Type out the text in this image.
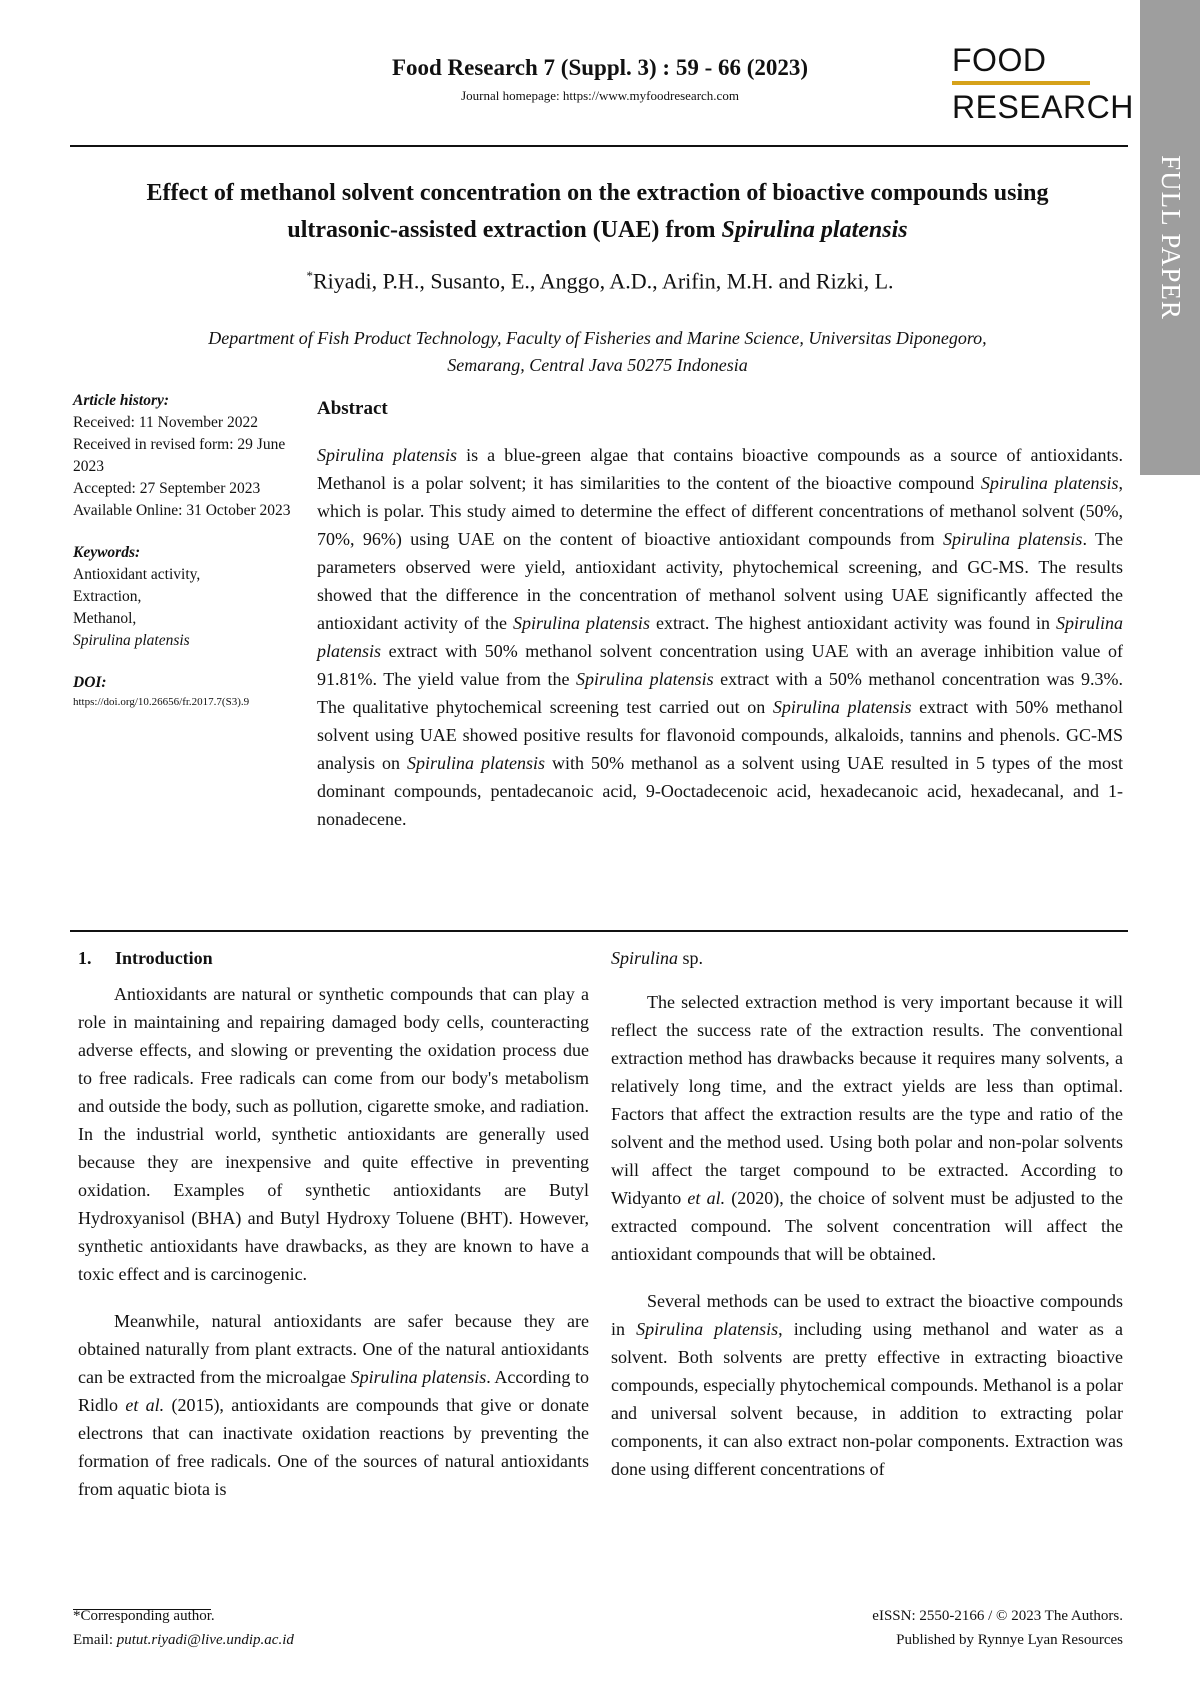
Food Research 7 (Suppl. 3) : 59 - 66 (2023)
Journal homepage: https://www.myfoodresearch.com
FOOD
RESEARCH
FULL PAPER
Effect of methanol solvent concentration on the extraction of bioactive compounds using ultrasonic-assisted extraction (UAE) from Spirulina platensis
*Riyadi, P.H., Susanto, E., Anggo, A.D., Arifin, M.H. and Rizki, L.
Department of Fish Product Technology, Faculty of Fisheries and Marine Science, Universitas Diponegoro,
Semarang, Central Java 50275 Indonesia
Article history:
Received: 11 November 2022
Received in revised form: 29 June 2023
Accepted: 27 September 2023
Available Online: 31 October 2023
Keywords:
Antioxidant activity,
Extraction,
Methanol,
Spirulina platensis
DOI:
https://doi.org/10.26656/fr.2017.7(S3).9
Abstract
Spirulina platensis is a blue-green algae that contains bioactive compounds as a source of antioxidants. Methanol is a polar solvent; it has similarities to the content of the bioactive compound Spirulina platensis, which is polar. This study aimed to determine the effect of different concentrations of methanol solvent (50%, 70%, 96%) using UAE on the content of bioactive antioxidant compounds from Spirulina platensis. The parameters observed were yield, antioxidant activity, phytochemical screening, and GC-MS. The results showed that the difference in the concentration of methanol solvent using UAE significantly affected the antioxidant activity of the Spirulina platensis extract. The highest antioxidant activity was found in Spirulina platensis extract with 50% methanol solvent concentration using UAE with an average inhibition value of 91.81%. The yield value from the Spirulina platensis extract with a 50% methanol concentration was 9.3%. The qualitative phytochemical screening test carried out on Spirulina platensis extract with 50% methanol solvent using UAE showed positive results for flavonoid compounds, alkaloids, tannins and phenols. GC-MS analysis on Spirulina platensis with 50% methanol as a solvent using UAE resulted in 5 types of the most dominant compounds, pentadecanoic acid, 9-Ooctadecenoic acid, hexadecanoic acid, hexadecanal, and 1-nonadecene.
1. Introduction

Antioxidants are natural or synthetic compounds that can play a role in maintaining and repairing damaged body cells, counteracting adverse effects, and slowing or preventing the oxidation process due to free radicals. Free radicals can come from our body's metabolism and outside the body, such as pollution, cigarette smoke, and radiation. In the industrial world, synthetic antioxidants are generally used because they are inexpensive and quite effective in preventing oxidation. Examples of synthetic antioxidants are Butyl Hydroxyanisol (BHA) and Butyl Hydroxy Toluene (BHT). However, synthetic antioxidants have drawbacks, as they are known to have a toxic effect and is carcinogenic.

Meanwhile, natural antioxidants are safer because they are obtained naturally from plant extracts. One of the natural antioxidants can be extracted from the microalgae Spirulina platensis. According to Ridlo et al. (2015), antioxidants are compounds that give or donate electrons that can inactivate oxidation reactions by preventing the formation of free radicals. One of the sources of natural antioxidants from aquatic biota is

Spirulina sp.

The selected extraction method is very important because it will reflect the success rate of the extraction results. The conventional extraction method has drawbacks because it requires many solvents, a relatively long time, and the extract yields are less than optimal. Factors that affect the extraction results are the type and ratio of the solvent and the method used. Using both polar and non-polar solvents will affect the target compound to be extracted. According to Widyanto et al. (2020), the choice of solvent must be adjusted to the extracted compound. The solvent concentration will affect the antioxidant compounds that will be obtained.

Several methods can be used to extract the bioactive compounds in Spirulina platensis, including using methanol and water as a solvent. Both solvents are pretty effective in extracting bioactive compounds, especially phytochemical compounds. Methanol is a polar and universal solvent because, in addition to extracting polar components, it can also extract non-polar components. Extraction was done using different concentrations of

*Corresponding author.
Email: putut.riyadi@live.undip.ac.id
eISSN: 2550-2166 / © 2023 The Authors.
Published by Rynnye Lyan Resources
